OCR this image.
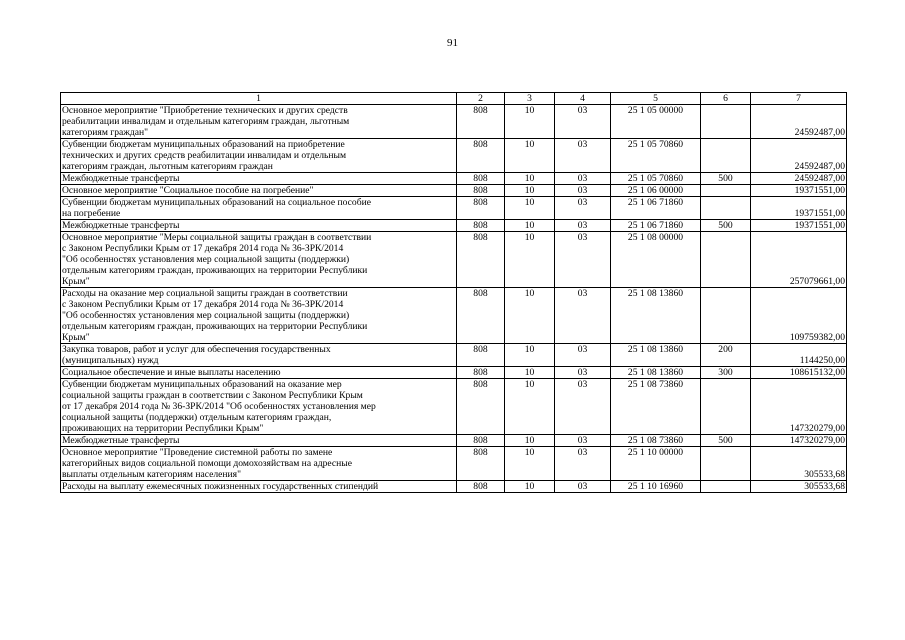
91
1	2	3	4	5	6	7
Основное мероприятие "Приобретение технических и других средств
реабилитации инвалидам и отдельным категориям граждан, льготным
категориям граждан"	808	10	03	25 1 05 00000		24592487,00
Субвенции бюджетам муниципальных образований на приобретение
технических и других средств реабилитации инвалидам и отдельным
категориям граждан, льготным категориям граждан	808	10	03	25 1 05 70860		24592487,00
Межбюджетные трансферты	808	10	03	25 1 05 70860	500	24592487,00
Основное мероприятие "Социальное пособие на погребение"	808	10	03	25 1 06 00000		19371551,00
Субвенции бюджетам муниципальных образований на социальное пособие
на погребение	808	10	03	25 1 06 71860		19371551,00
Межбюджетные трансферты	808	10	03	25 1 06 71860	500	19371551,00
Основное мероприятие "Меры социальной защиты граждан в соответствии
с Законом Республики Крым от 17 декабря 2014 года № 36-ЗРК/2014
"Об особенностях установления мер социальной защиты (поддержки)
отдельным категориям граждан, проживающих на территории Республики
Крым"	808	10	03	25 1 08 00000		257079661,00
Расходы на оказание мер социальной защиты граждан в соответствии
с Законом Республики Крым от 17 декабря 2014 года № 36-ЗРК/2014
"Об особенностях установления мер социальной защиты (поддержки)
отдельным категориям граждан, проживающих на территории Республики
Крым"	808	10	03	25 1 08 13860		109759382,00
Закупка товаров, работ и услуг для обеспечения государственных
(муниципальных) нужд	808	10	03	25 1 08 13860	200	1144250,00
Социальное обеспечение и иные выплаты населению	808	10	03	25 1 08 13860	300	108615132,00
Субвенции бюджетам муниципальных образований на оказание мер
социальной защиты граждан в соответствии с Законом Республики Крым
от 17 декабря 2014 года № 36-ЗРК/2014 "Об особенностях установления мер
социальной защиты (поддержки) отдельным категориям граждан,
проживающих на территории Республики Крым"	808	10	03	25 1 08 73860		147320279,00
Межбюджетные трансферты	808	10	03	25 1 08 73860	500	147320279,00
Основное мероприятие "Проведение системной работы по замене
категорийных видов социальной помощи домохозяйствам на адресные
выплаты отдельным категориям населения"	808	10	03	25 1 10 00000		305533,68
Расходы на выплату ежемесячных пожизненных государственных стипендий	808	10	03	25 1 10 16960		305533,68
